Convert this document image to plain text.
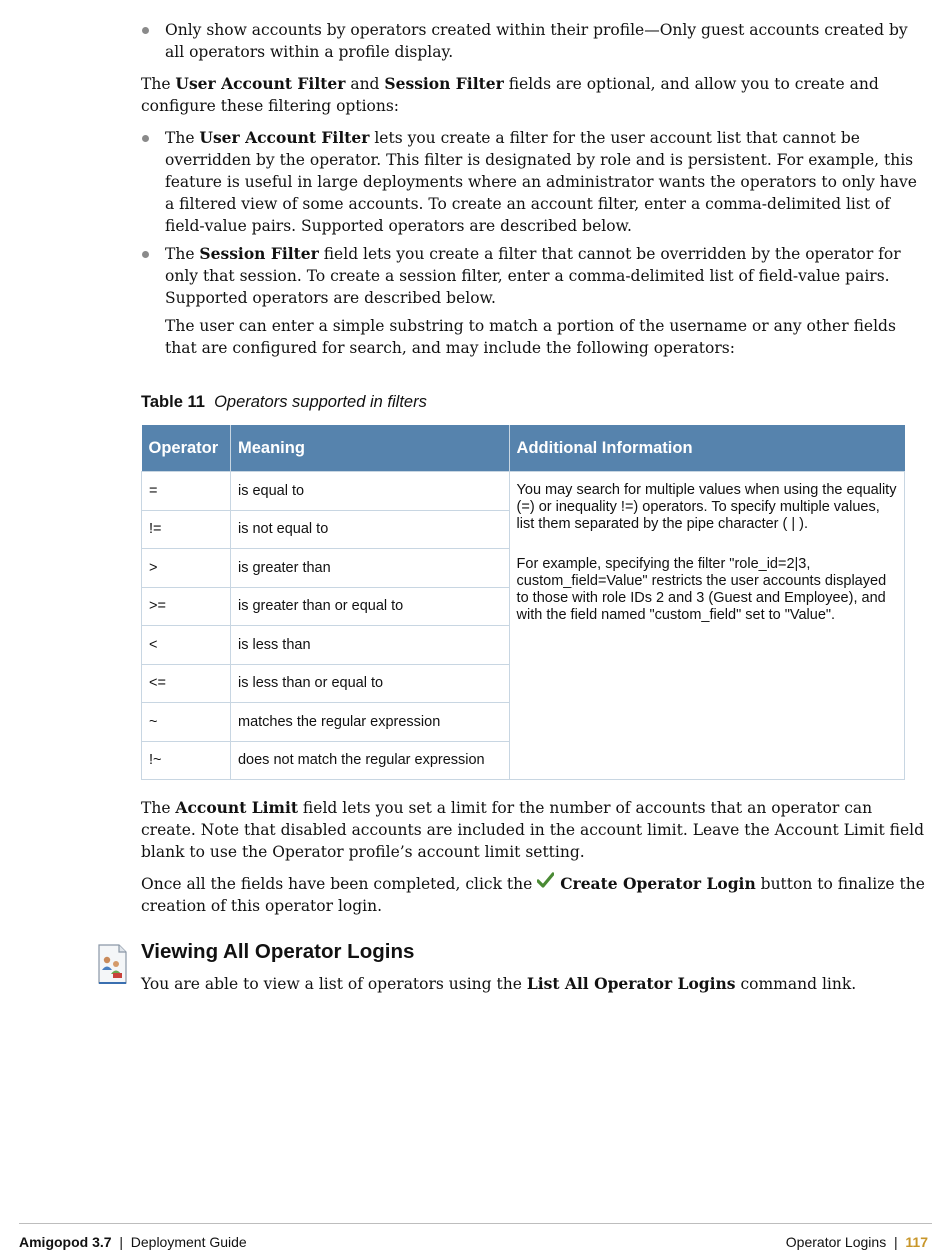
Only show accounts by operators created within their profile—Only guest accounts created by all operators within a profile display.

The User Account Filter and Session Filter fields are optional, and allow you to create and configure these filtering options:

The User Account Filter lets you create a filter for the user account list that cannot be overridden by the operator. This filter is designated by role and is persistent. For example, this feature is useful in large deployments where an administrator wants the operators to only have a filtered view of some accounts. To create an account filter, enter a comma-delimited list of field-value pairs. Supported operators are described below.

The Session Filter field lets you create a filter that cannot be overridden by the operator for only that session. To create a session filter, enter a comma-delimited list of field-value pairs. Supported operators are described below.

The user can enter a simple substring to match a portion of the username or any other fields that are configured for search, and may include the following operators:

Table 11 Operators supported in filters
Operator	Meaning	Additional Information
=	is equal to	You may search for multiple values when using the equality (=) or inequality !=) operators. To specify multiple values, list them separated by the pipe character ( | ).

For example, specifying the filter "role_id=2|3, custom_field=Value" restricts the user accounts displayed to those with role IDs 2 and 3 (Guest and Employee), and with the field named "custom_field" set to "Value".

!=	is not equal to	
>	is greater than	
>=	is greater than or equal to	
<	is less than	
<=	is less than or equal to	
~	matches the regular expression	
!~	does not match the regular expression	

The Account Limit field lets you set a limit for the number of accounts that an operator can create. Note that disabled accounts are included in the account limit. Leave the Account Limit field blank to use the Operator profile’s account limit setting.

Once all the fields have been completed, click the  Create Operator Login button to finalize the creation of this operator login.

Viewing All Operator Logins

You are able to view a list of operators using the List All Operator Logins command link.

Amigopod 3.7 | Deployment Guide	Operator Logins | 117
